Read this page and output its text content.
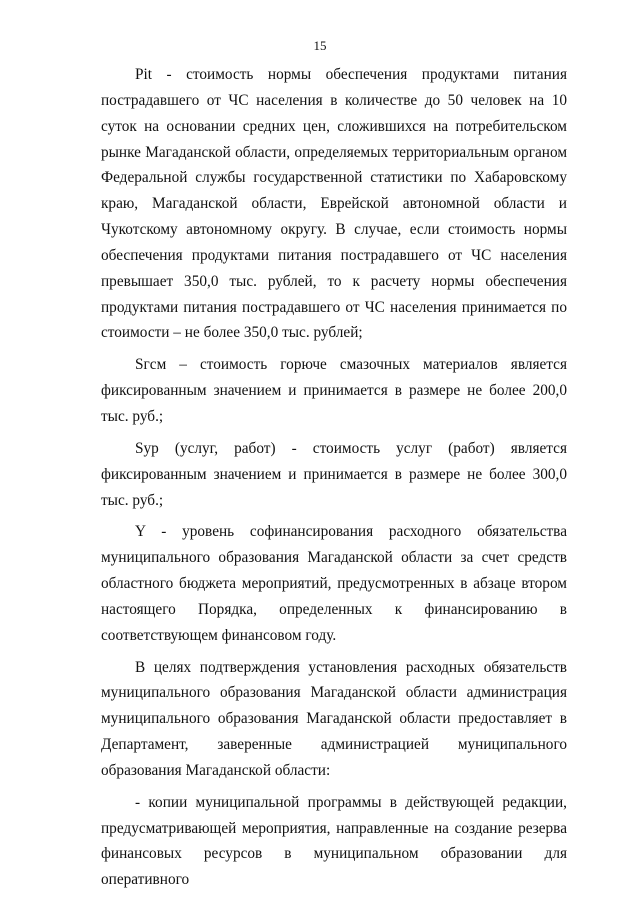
15

Pit - стоимость нормы обеспечения продуктами питания пострадавшего от ЧС населения в количестве до 50 человек на 10 суток на основании средних цен, сложившихся на потребительском рынке Магаданской области, определяемых территориальным органом Федеральной службы государственной статистики по Хабаровскому краю, Магаданской области, Еврейской автономной области и Чукотскому автономному округу. В случае, если стоимость нормы обеспечения продуктами питания пострадавшего от ЧС населения превышает 350,0 тыс. рублей, то к расчету нормы обеспечения продуктами питания пострадавшего от ЧС населения принимается по стоимости – не более 350,0 тыс. рублей;

Sгсм – стоимость горюче смазочных материалов является фиксированным значением и принимается в размере не более 200,0 тыс. руб.;

Sур (услуг, работ) - стоимость услуг (работ) является фиксированным значением и принимается в размере не более 300,0 тыс. руб.;

Y - уровень софинансирования расходного обязательства муниципального образования Магаданской области за счет средств областного бюджета мероприятий, предусмотренных в абзаце втором настоящего Порядка, определенных к финансированию в соответствующем финансовом году.

В целях подтверждения установления расходных обязательств муниципального образования Магаданской области администрация муниципального образования Магаданской области предоставляет в Департамент, заверенные администрацией муниципального образования Магаданской области:

- копии муниципальной программы в действующей редакции, предусматривающей мероприятия, направленные на создание резерва финансовых ресурсов в муниципальном образовании для оперативного
